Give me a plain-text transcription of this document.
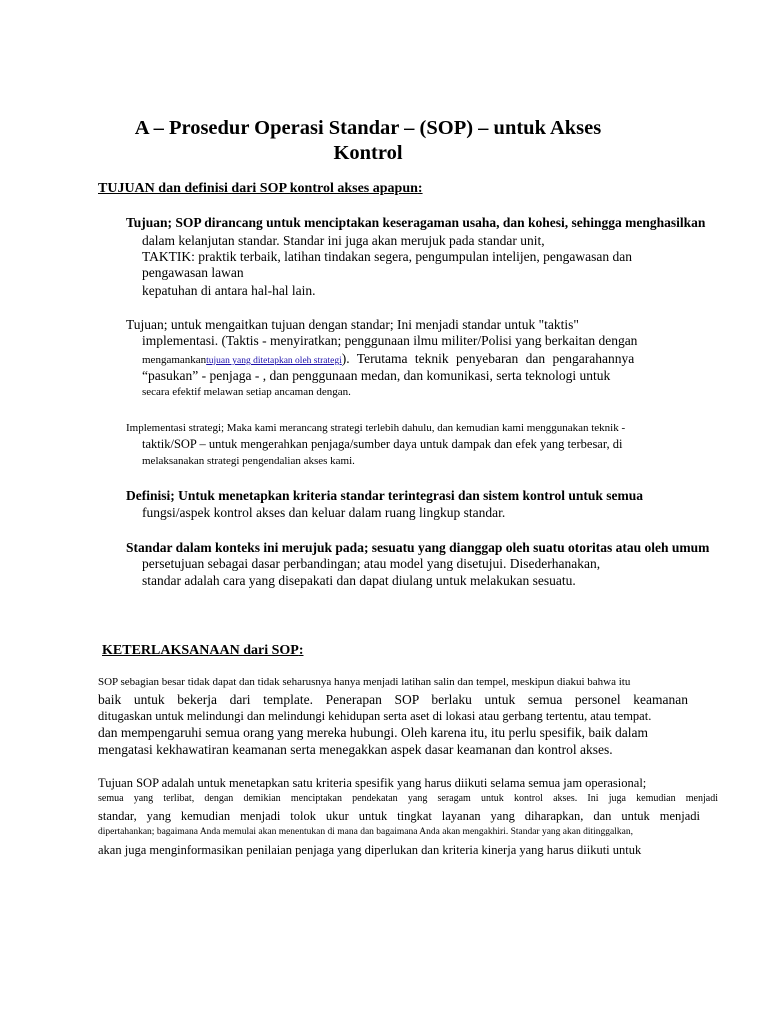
A – Prosedur Operasi Standar – (SOP) – untuk Akses
Kontrol
TUJUAN dan definisi dari SOP kontrol akses apapun:
Tujuan; SOP dirancang untuk menciptakan keseragaman usaha, dan kohesi, sehingga menghasilkan
dalam kelanjutan standar. Standar ini juga akan merujuk pada standar unit,
TAKTIK: praktik terbaik, latihan tindakan segera, pengumpulan intelijen, pengawasan dan
pengawasan lawan
kepatuhan di antara hal-hal lain.
Tujuan; untuk mengaitkan tujuan dengan standar; Ini menjadi standar untuk "taktis"
implementasi. (Taktis - menyiratkan; penggunaan ilmu militer/Polisi yang berkaitan dengan
mengamankantujuan yang ditetapkan oleh strategi). Terutama teknik penyebaran dan pengarahannya
“pasukan” - penjaga - , dan penggunaan medan, dan komunikasi, serta teknologi untuk
secara efektif melawan setiap ancaman dengan.
Implementasi strategi; Maka kami merancang strategi terlebih dahulu, dan kemudian kami menggunakan teknik -
taktik/SOP – untuk mengerahkan penjaga/sumber daya untuk dampak dan efek yang terbesar, di
melaksanakan strategi pengendalian akses kami.
Definisi; Untuk menetapkan kriteria standar terintegrasi dan sistem kontrol untuk semua
fungsi/aspek kontrol akses dan keluar dalam ruang lingkup standar.
Standar dalam konteks ini merujuk pada; sesuatu yang dianggap oleh suatu otoritas atau oleh umum
persetujuan sebagai dasar perbandingan; atau model yang disetujui. Disederhanakan,
standar adalah cara yang disepakati dan dapat diulang untuk melakukan sesuatu.
KETERLAKSANAAN dari SOP:
SOP sebagian besar tidak dapat dan tidak seharusnya hanya menjadi latihan salin dan tempel, meskipun diakui bahwa itu
baik untuk bekerja dari template. Penerapan SOP berlaku untuk semua personel keamanan
ditugaskan untuk melindungi dan melindungi kehidupan serta aset di lokasi atau gerbang tertentu, atau tempat.
dan mempengaruhi semua orang yang mereka hubungi. Oleh karena itu, itu perlu spesifik, baik dalam
mengatasi kekhawatiran keamanan serta menegakkan aspek dasar keamanan dan kontrol akses.
Tujuan SOP adalah untuk menetapkan satu kriteria spesifik yang harus diikuti selama semua jam operasional;
semua yang terlibat, dengan demikian menciptakan pendekatan yang seragam untuk kontrol akses. Ini juga kemudian menjadi
standar, yang kemudian menjadi tolok ukur untuk tingkat layanan yang diharapkan, dan untuk menjadi
dipertahankan; bagaimana Anda memulai akan menentukan di mana dan bagaimana Anda akan mengakhiri. Standar yang akan ditinggalkan,
akan juga menginformasikan penilaian penjaga yang diperlukan dan kriteria kinerja yang harus diikuti untuk
